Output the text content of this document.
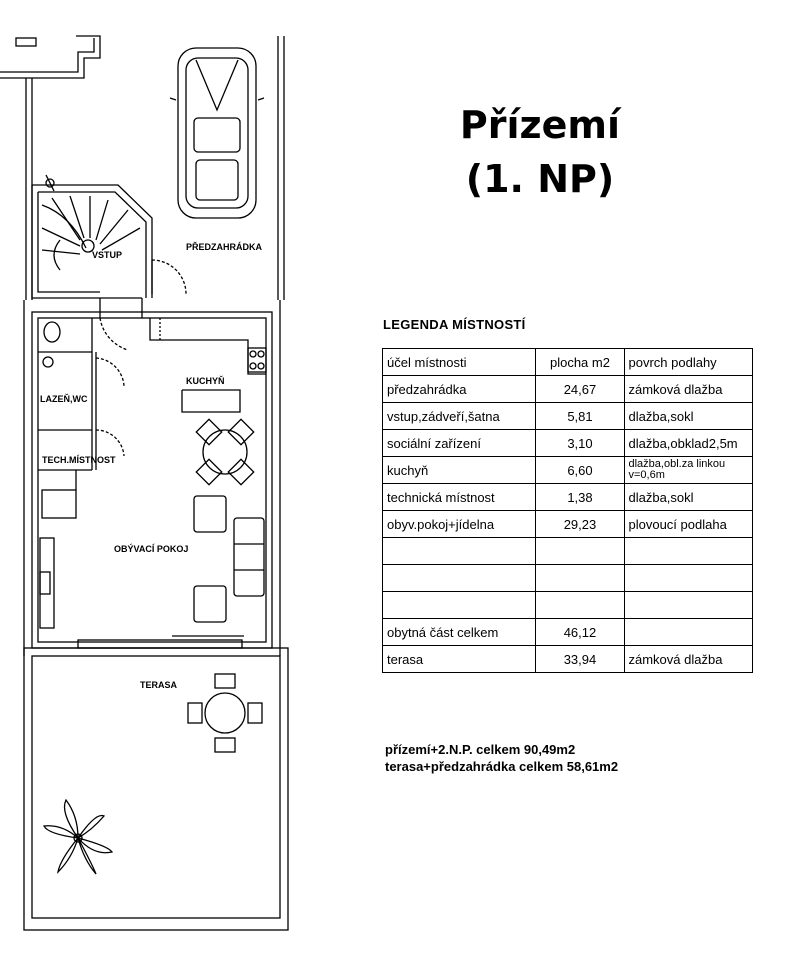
PŘEDZAHRÁDKA
VSTUP
KUCHYŇ
LAZEŇ,WC
TECH.MÍSTNOST
OBÝVACÍ POKOJ
TERASA
Přízemí
(1. NP)
LEGENDA MÍSTNOSTÍ
účel místnosti	plocha m2	povrch podlahy
předzahrádka	24,67	zámková dlažba
vstup,zádveří,šatna	5,81	dlažba,sokl
sociální zařízení	3,10	dlažba,obklad2,5m
kuchyň	6,60	dlažba,obl.za linkou v=0,6m
technická místnost	1,38	dlažba,sokl
obyv.pokoj+jídelna	29,23	plovoucí podlaha

obytná část celkem	46,12	
terasa	33,94	zámková dlažba
přízemí+2.N.P. celkem 90,49m2
terasa+předzahrádka celkem 58,61m2
